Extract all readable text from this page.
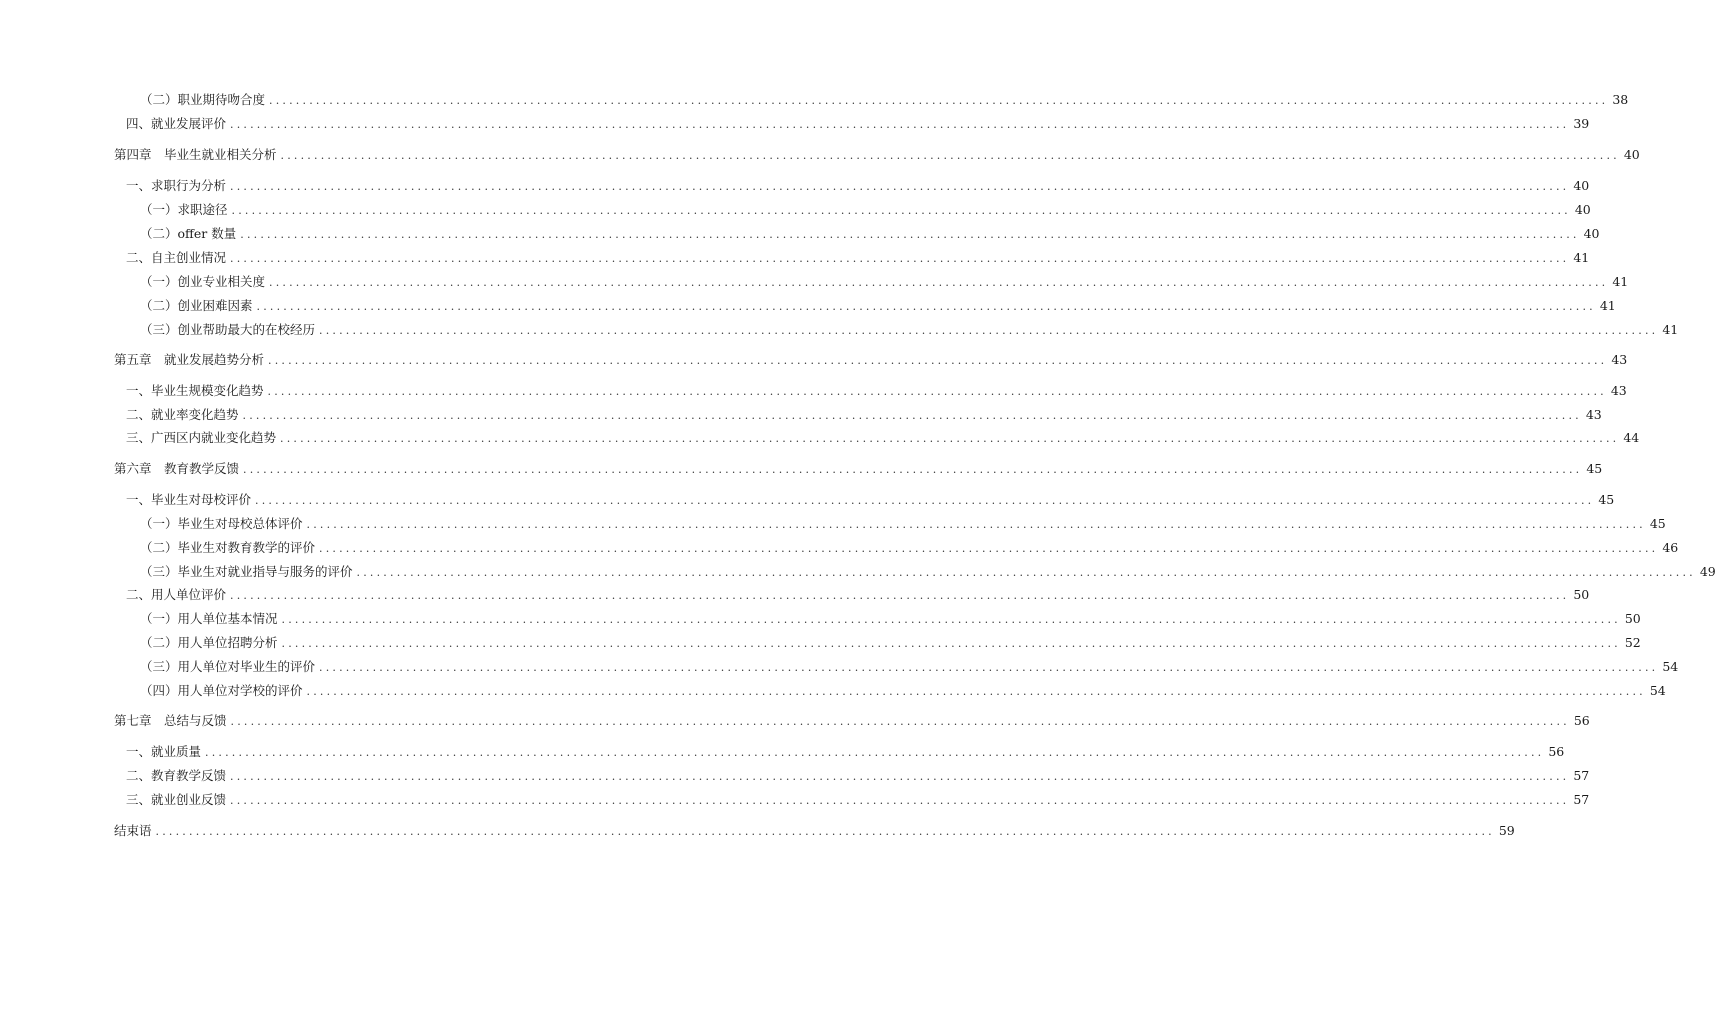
（二）职业期待吻合度 ........................................................................................................................................................................................................ 38
四、就业发展评价 ........................................................................................................................................................................................................ 39
第四章　毕业生就业相关分析 ........................................................................................................................................................................................................ 40
一、求职行为分析 ........................................................................................................................................................................................................ 40
（一）求职途径 ........................................................................................................................................................................................................ 40
（二）offer 数量 ........................................................................................................................................................................................................ 40
二、自主创业情况 ........................................................................................................................................................................................................ 41
（一）创业专业相关度 ........................................................................................................................................................................................................ 41
（二）创业困难因素 ........................................................................................................................................................................................................ 41
（三）创业帮助最大的在校经历 ........................................................................................................................................................................................................ 41
第五章　就业发展趋势分析 ........................................................................................................................................................................................................ 43
一、毕业生规模变化趋势 ........................................................................................................................................................................................................ 43
二、就业率变化趋势 ........................................................................................................................................................................................................ 43
三、广西区内就业变化趋势 ........................................................................................................................................................................................................ 44
第六章　教育教学反馈 ........................................................................................................................................................................................................ 45
一、毕业生对母校评价 ........................................................................................................................................................................................................ 45
（一）毕业生对母校总体评价 ........................................................................................................................................................................................................ 45
（二）毕业生对教育教学的评价 ........................................................................................................................................................................................................ 46
（三）毕业生对就业指导与服务的评价 ........................................................................................................................................................................................................ 49
二、用人单位评价 ........................................................................................................................................................................................................ 50
（一）用人单位基本情况 ........................................................................................................................................................................................................ 50
（二）用人单位招聘分析 ........................................................................................................................................................................................................ 52
（三）用人单位对毕业生的评价 ........................................................................................................................................................................................................ 54
（四）用人单位对学校的评价 ........................................................................................................................................................................................................ 54
第七章　总结与反馈 ........................................................................................................................................................................................................ 56
一、就业质量 ........................................................................................................................................................................................................ 56
二、教育教学反馈 ........................................................................................................................................................................................................ 57
三、就业创业反馈 ........................................................................................................................................................................................................ 57
结束语 ........................................................................................................................................................................................................ 59
